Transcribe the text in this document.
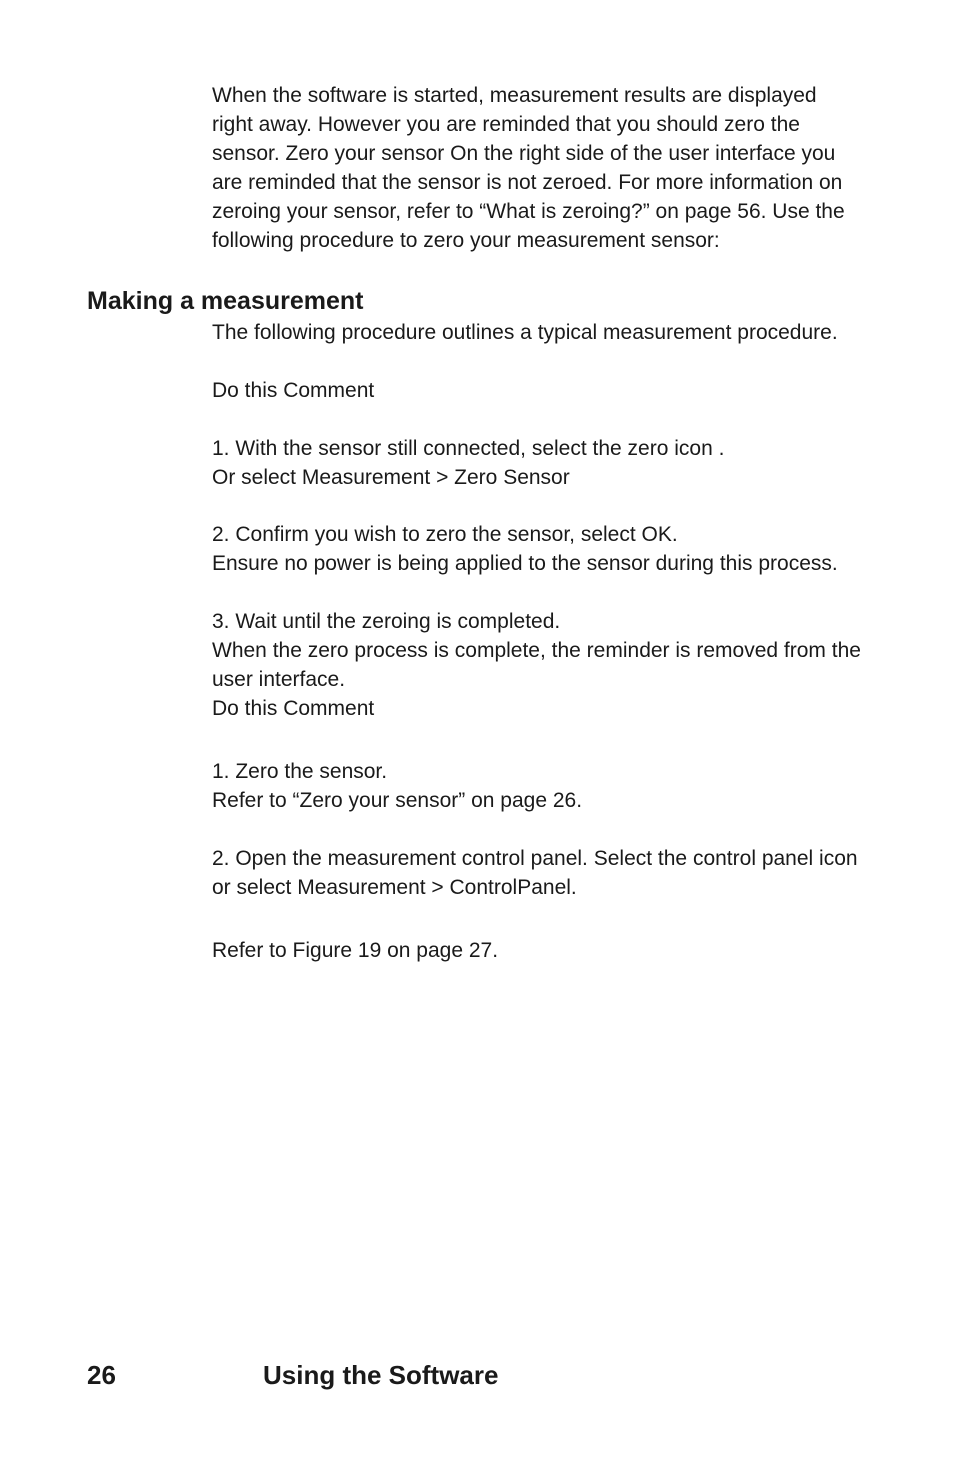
When the software is started, measurement results are displayed
right away. However you are reminded that you should zero the
sensor. Zero your sensor On the right side of the user interface you
are reminded that the sensor is not zeroed. For more information on
zeroing your sensor, refer to “What is zeroing?” on page 56. Use the
following procedure to zero your measurement sensor:

Making a measurement

The following procedure outlines a typical measurement procedure.

Do this Comment

1. With the sensor still connected, select the zero icon .
Or select Measurement > Zero Sensor

2. Confirm you wish to zero the sensor, select OK.
Ensure no power is being applied to the sensor during this process.

3. Wait until the zeroing is completed.
When the zero process is complete, the reminder is removed from the
user interface.

Do this Comment

1. Zero the sensor.
Refer to “Zero your sensor” on page 26.

2. Open the measurement control panel. Select the control panel icon
or select Measurement > ControlPanel.

Refer to Figure 19 on page 27.

26	Using the Software
